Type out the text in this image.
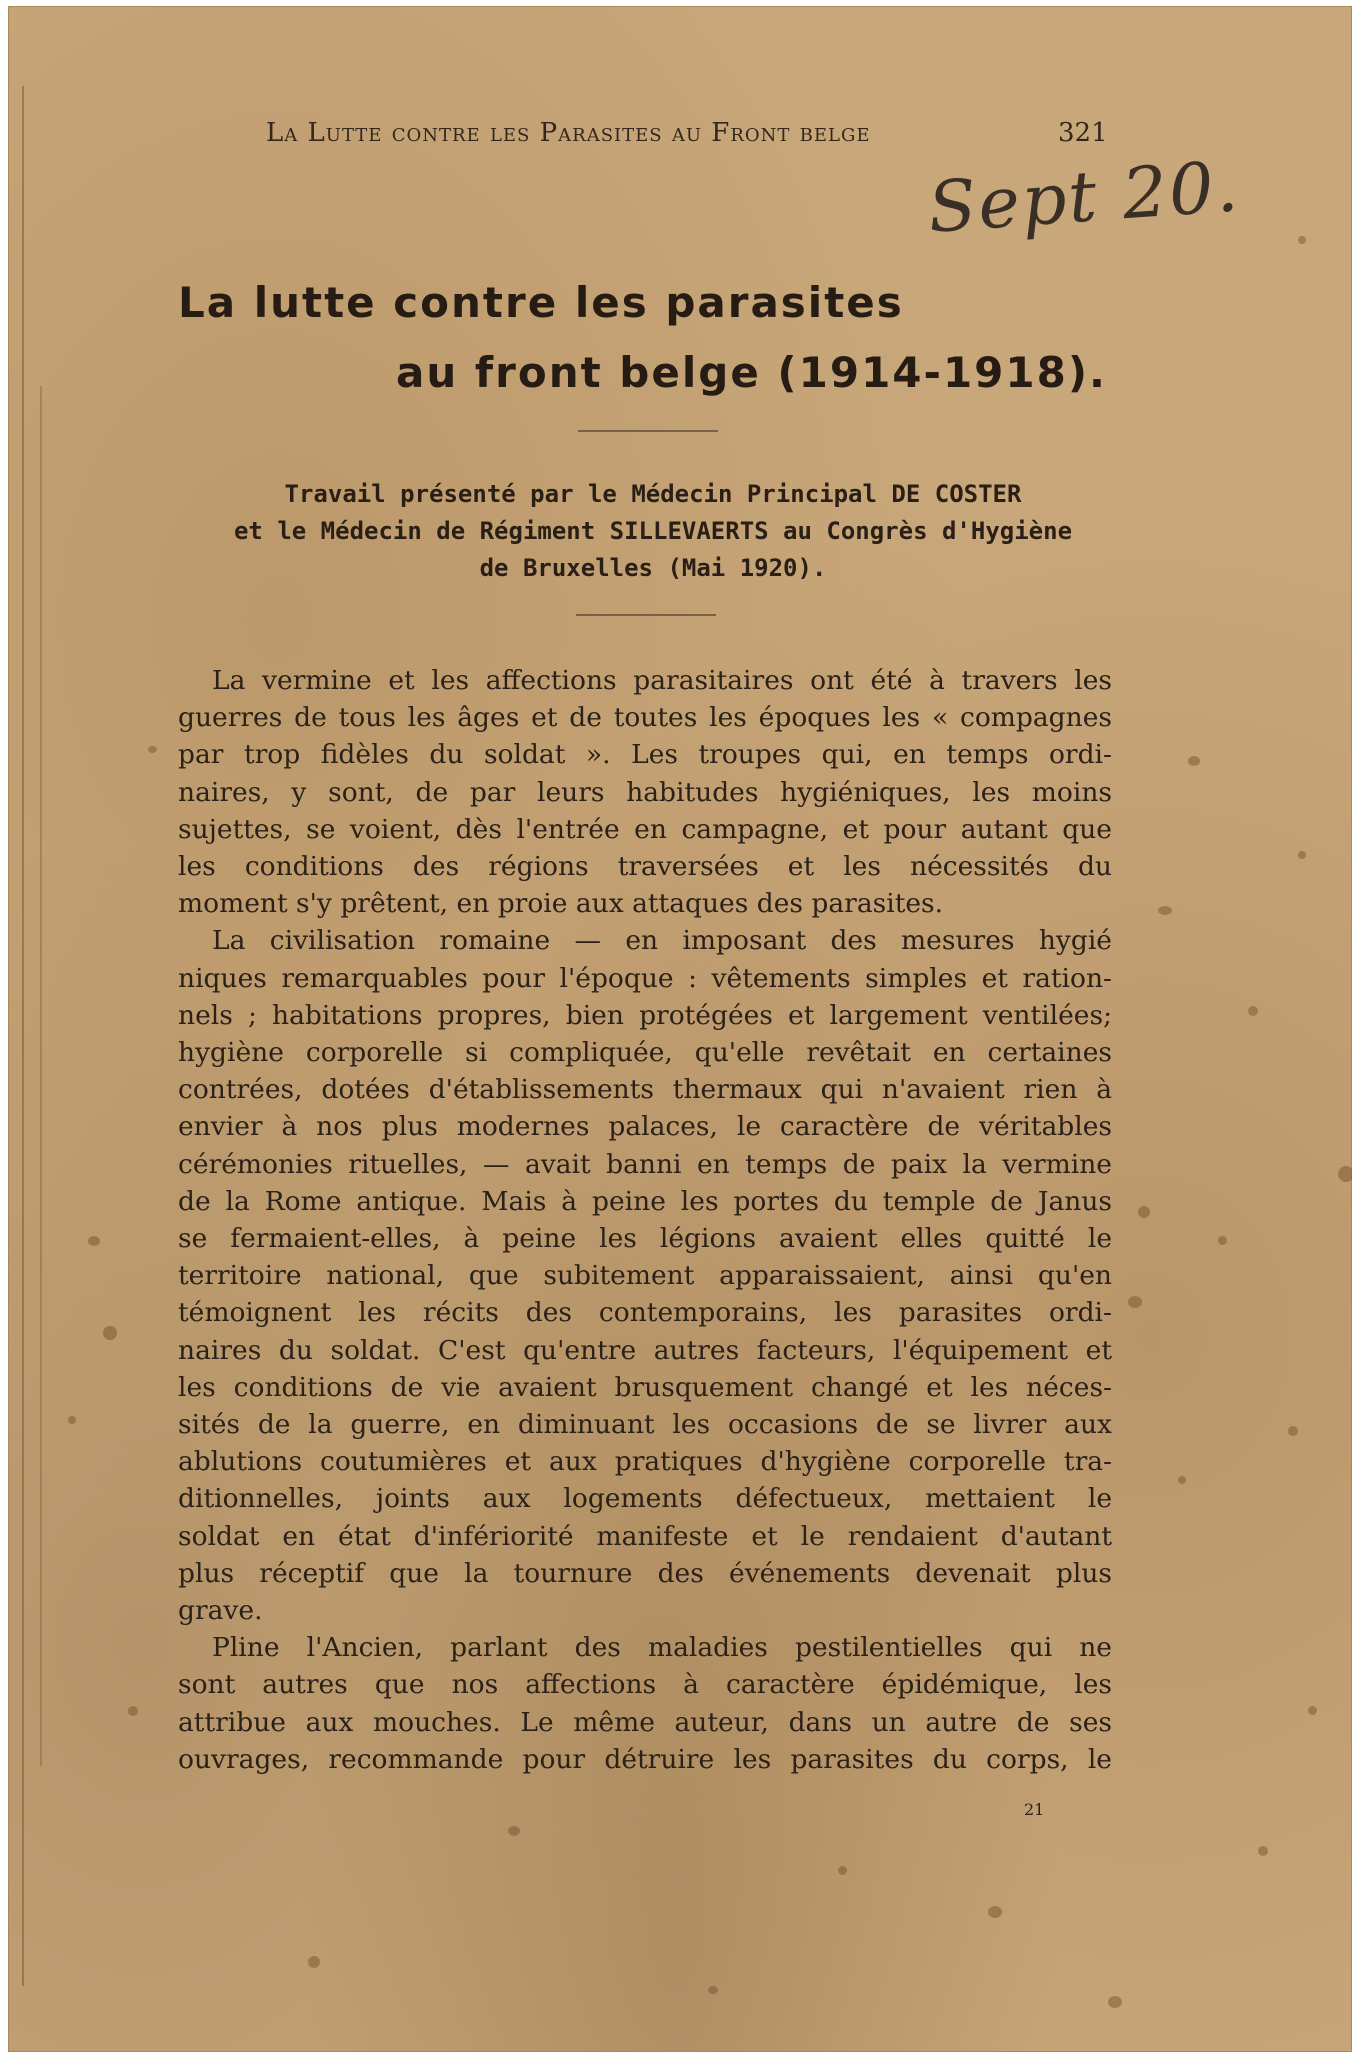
La Lutte contre les Parasites au Front belge	321
Sept 20.
La lutte contre les parasites
au front belge (1914-1918).
Travail présenté par le Médecin Principal DE COSTER
et le Médecin de Régiment SILLEVAERTS au Congrès d'Hygiène
de Bruxelles (Mai 1920).
La vermine et les affections parasitaires ont été à travers les
guerres de tous les âges et de toutes les époques les « compagnes
par trop fidèles du soldat ». Les troupes qui, en temps ordi-
naires, y sont, de par leurs habitudes hygiéniques, les moins
sujettes, se voient, dès l'entrée en campagne, et pour autant que
les conditions des régions traversées et les nécessités du
moment s'y prêtent, en proie aux attaques des parasites.
La civilisation romaine — en imposant des mesures hygié
niques remarquables pour l'époque : vêtements simples et ration-
nels ; habitations propres, bien protégées et largement ventilées;
hygiène corporelle si compliquée, qu'elle revêtait en certaines
contrées, dotées d'établissements thermaux qui n'avaient rien à
envier à nos plus modernes palaces, le caractère de véritables
cérémonies rituelles, — avait banni en temps de paix la vermine
de la Rome antique. Mais à peine les portes du temple de Janus
se fermaient-elles, à peine les légions avaient elles quitté le
territoire national, que subitement apparaissaient, ainsi qu'en
témoignent les récits des contemporains, les parasites ordi-
naires du soldat. C'est qu'entre autres facteurs, l'équipement et
les conditions de vie avaient brusquement changé et les néces-
sités de la guerre, en diminuant les occasions de se livrer aux
ablutions coutumières et aux pratiques d'hygiène corporelle tra-
ditionnelles, joints aux logements défectueux, mettaient le
soldat en état d'infériorité manifeste et le rendaient d'autant
plus réceptif que la tournure des événements devenait plus
grave.
Pline l'Ancien, parlant des maladies pestilentielles qui ne
sont autres que nos affections à caractère épidémique, les
attribue aux mouches. Le même auteur, dans un autre de ses
ouvrages, recommande pour détruire les parasites du corps, le
21
